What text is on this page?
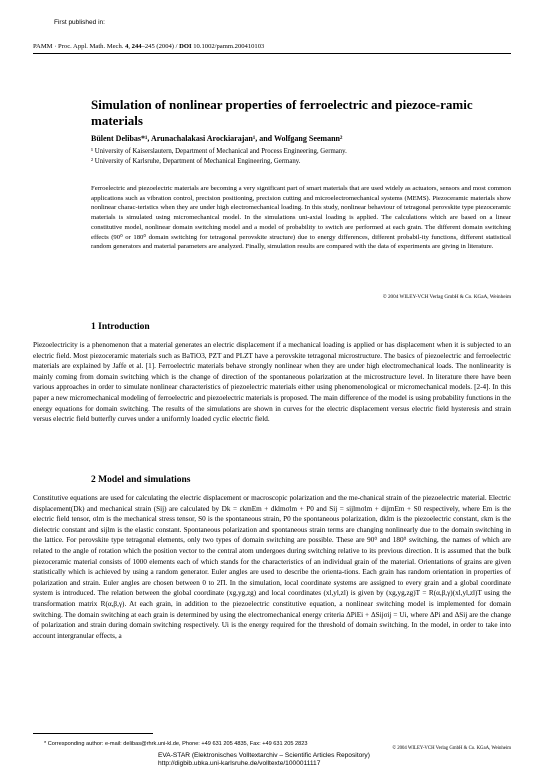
First published in:
PAMM · Proc. Appl. Math. Mech. 4, 244–245 (2004) / DOI 10.1002/pamm.200410103
Simulation of nonlinear properties of ferroelectric and piezoce-ramic materials
Bülent Delibas*¹, Arunachalakasi Arockiarajan¹, and Wolfgang Seemann²
¹ University of Kaiserslautern, Department of Mechanical and Process Engineering, Germany.
² University of Karlsruhe, Department of Mechanical Engineering, Germany.
Ferroelectric and piezoelectric materials are becoming a very significant part of smart materials that are used widely as actuators, sensors and most common applications such as vibration control, precision positioning, precision cutting and microelectromechanical systems (MEMS). Piezoceramic materials show nonlinear charac-teristics when they are under high electromechanical loading. In this study, nonlinear behaviour of tetragonal perovskite type piezoceramic materials is simulated using micromechanical model. In the simulations uni-axial loading is applied. The calculations which are based on a linear constitutive model, nonlinear domain switching model and a model of probability to switch are performed at each grain. The different domain switching effects (90⁰ or 180⁰ domain switching for tetragonal perovskite structure) due to energy differences, different probabil-ity functions, different statistical random generators and material parameters are analyzed. Finally, simulation results are compared with the data of experiments are giving in literature.
© 2004 WILEY-VCH Verlag GmbH & Co. KGaA, Weinheim
1 Introduction

Piezoelectricity is a phenomenon that a material generates an electric displacement if a mechanical loading is applied or has displacement when it is subjected to an electric field. Most piezoceramic materials such as BaTiO3, PZT and PLZT have a perovskite tetragonal microstructure. The basics of piezoelectric and ferroelectric materials are explained by Jaffe et al. [1]. Ferroelectric materials behave strongly nonlinear when they are under high electromechanical loads. The nonlinearity is mainly coming from domain switching which is the change of direction of the spontaneous polarization at the microstructure level. In literature there have been various approaches in order to simulate nonlinear characteristics of piezoelectric materials either using phenomenological or micromechanical models. [2-4]. In this paper a new micromechanical modeling of ferroelectric and piezoelectric materials is proposed. The main difference of the model is using probability functions in the energy equations for domain switching. The results of the simulations are shown in curves for the electric displacement versus electric field hysteresis and strain versus electric field butterfly curves under a uniformly loaded cyclic electric field.

2 Model and simulations

Constitutive equations are used for calculating the electric displacement or macroscopic polarization and the me-chanical strain of the piezoelectric material. Electric displacement(Dk) and mechanical strain (Sij) are calculated by Dk = εkmEm + dklmσlm + P0 and Sij = sijlmσlm + dijmEm + S0 respectively, where Em is the electric field tensor, σlm is the mechanical stress tensor, S0 is the spontaneous strain, P0 the spontaneous polarization, dklm is the piezoelectric constant, εkm is the dielectric constant and sijlm is the elastic constant. Spontaneous polarization and spontaneous strain terms are changing nonlinearly due to the domain switching in the lattice. For perovskite type tetragonal elements, only two types of domain switching are possible. These are 90⁰ and 180⁰ switching, the names of which are related to the angle of rotation which the position vector to the central atom undergoes during switching relative to its previous direction. It is assumed that the bulk piezoceramic material consists of 1000 elements each of which stands for the characteristics of an individual grain of the material. Orientations of grains are given statistically which is achieved by using a random generator. Euler angles are used to describe the orienta-tions. Each grain has random orientation in properties of polarization and strain. Euler angles are chosen between 0 to 2Π. In the simulation, local coordinate systems are assigned to every grain and a global coordinate system is introduced. The relation between the global coordinate (xg,yg,zg) and local coordinates (xl,yl,zl) is given by (xg,yg,zg)T = R(α,β,γ)(xl,yl,zl)T using the transformation matrix R(α,β,γ). At each grain, in addition to the piezoelectric constitutive equation, a nonlinear switching model is implemented for domain switching. The domain switching at each grain is determined by using the electromechanical energy criteria ΔPiEi + ΔSijσij = Ui, where ΔPi and ΔSij are the change of polarization and strain during domain switching respectively. Ui is the energy required for the threshold of domain switching. In the model, in order to take into account intergranular effects, a

* Corresponding author: e-mail: delibas@rhrk.uni-kl.de, Phone: +49 631 205 4835, Fax: +49 631 205 2823
© 2004 WILEY-VCH Verlag GmbH & Co. KGaA, Weinheim
EVA-STAR (Elektronisches Volltextarchiv – Scientific Articles Repository)
http://digbib.ubka.uni-karlsruhe.de/volltexte/1000011117
